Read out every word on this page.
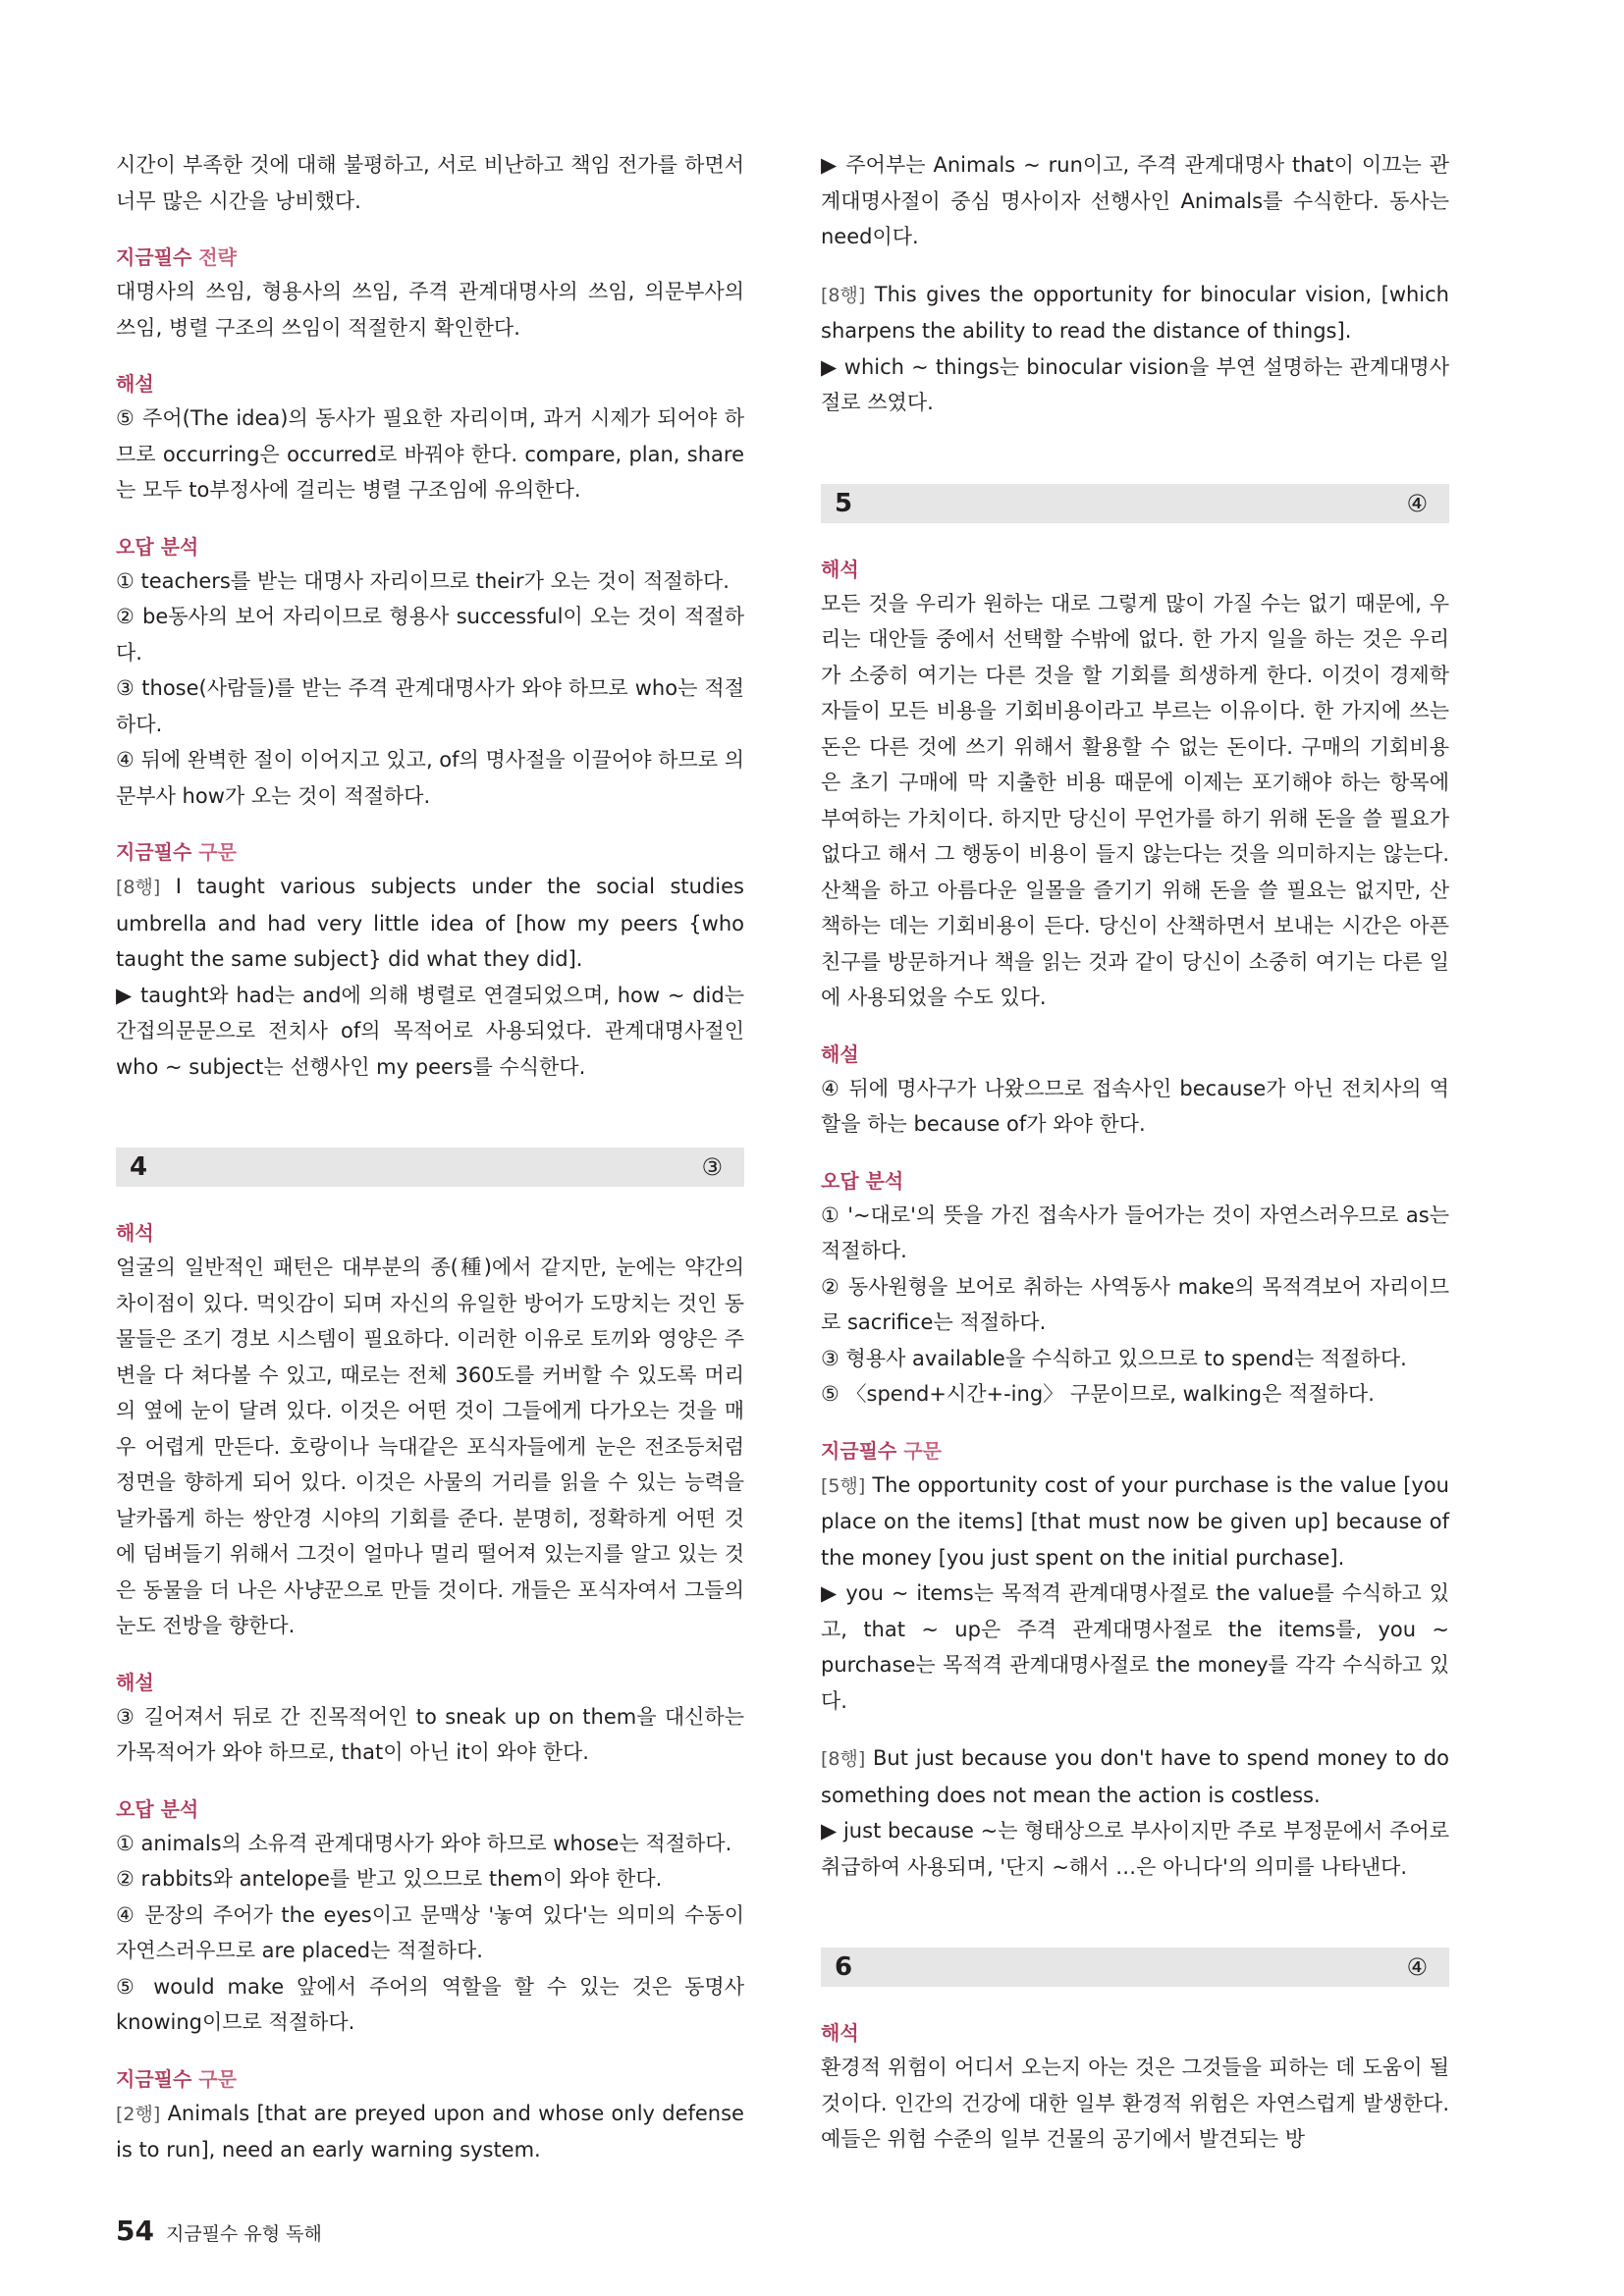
시간이 부족한 것에 대해 불평하고, 서로 비난하고 책임 전가를 하면서 너무 많은 시간을 낭비했다.

지금필수 전략

대명사의 쓰임, 형용사의 쓰임, 주격 관계대명사의 쓰임, 의문부사의 쓰임, 병렬 구조의 쓰임이 적절한지 확인한다.

해설

⑤ 주어(The idea)의 동사가 필요한 자리이며, 과거 시제가 되어야 하므로 occurring은 occurred로 바꿔야 한다. compare, plan, share는 모두 to부정사에 걸리는 병렬 구조임에 유의한다.

오답 분석

① teachers를 받는 대명사 자리이므로 their가 오는 것이 적절하다.

② be동사의 보어 자리이므로 형용사 successful이 오는 것이 적절하다.

③ those(사람들)를 받는 주격 관계대명사가 와야 하므로 who는 적절하다.

④ 뒤에 완벽한 절이 이어지고 있고, of의 명사절을 이끌어야 하므로 의문부사 how가 오는 것이 적절하다.

지금필수 구문

[8행] I taught various subjects under the social studies umbrella and had very little idea of [how my peers {who taught the same subject} did what they did].

▶ taught와 had는 and에 의해 병렬로 연결되었으며, how ~ did는 간접의문문으로 전치사 of의 목적어로 사용되었다. 관계대명사절인 who ~ subject는 선행사인 my peers를 수식한다.

4	③
해석

얼굴의 일반적인 패턴은 대부분의 종(種)에서 같지만, 눈에는 약간의 차이점이 있다. 먹잇감이 되며 자신의 유일한 방어가 도망치는 것인 동물들은 조기 경보 시스템이 필요하다. 이러한 이유로 토끼와 영양은 주변을 다 쳐다볼 수 있고, 때로는 전체 360도를 커버할 수 있도록 머리의 옆에 눈이 달려 있다. 이것은 어떤 것이 그들에게 다가오는 것을 매우 어렵게 만든다. 호랑이나 늑대같은 포식자들에게 눈은 전조등처럼 정면을 향하게 되어 있다. 이것은 사물의 거리를 읽을 수 있는 능력을 날카롭게 하는 쌍안경 시야의 기회를 준다. 분명히, 정확하게 어떤 것에 덤벼들기 위해서 그것이 얼마나 멀리 떨어져 있는지를 알고 있는 것은 동물을 더 나은 사냥꾼으로 만들 것이다. 개들은 포식자여서 그들의 눈도 전방을 향한다.

해설

③ 길어져서 뒤로 간 진목적어인 to sneak up on them을 대신하는 가목적어가 와야 하므로, that이 아닌 it이 와야 한다.

오답 분석

① animals의 소유격 관계대명사가 와야 하므로 whose는 적절하다.

② rabbits와 antelope를 받고 있으므로 them이 와야 한다.

④ 문장의 주어가 the eyes이고 문맥상 '놓여 있다'는 의미의 수동이 자연스러우므로 are placed는 적절하다.

⑤ would make 앞에서 주어의 역할을 할 수 있는 것은 동명사 knowing이므로 적절하다.

지금필수 구문

[2행] Animals [that are preyed upon and whose only defense is to run], need an early warning system.

▶ 주어부는 Animals ~ run이고, 주격 관계대명사 that이 이끄는 관계대명사절이 중심 명사이자 선행사인 Animals를 수식한다. 동사는 need이다.

[8행] This gives the opportunity for binocular vision, [which sharpens the ability to read the distance of things].

▶ which ~ things는 binocular vision을 부연 설명하는 관계대명사절로 쓰였다.

5	④
해석

모든 것을 우리가 원하는 대로 그렇게 많이 가질 수는 없기 때문에, 우리는 대안들 중에서 선택할 수밖에 없다. 한 가지 일을 하는 것은 우리가 소중히 여기는 다른 것을 할 기회를 희생하게 한다. 이것이 경제학자들이 모든 비용을 기회비용이라고 부르는 이유이다. 한 가지에 쓰는 돈은 다른 것에 쓰기 위해서 활용할 수 없는 돈이다. 구매의 기회비용은 초기 구매에 막 지출한 비용 때문에 이제는 포기해야 하는 항목에 부여하는 가치이다. 하지만 당신이 무언가를 하기 위해 돈을 쓸 필요가 없다고 해서 그 행동이 비용이 들지 않는다는 것을 의미하지는 않는다. 산책을 하고 아름다운 일몰을 즐기기 위해 돈을 쓸 필요는 없지만, 산책하는 데는 기회비용이 든다. 당신이 산책하면서 보내는 시간은 아픈 친구를 방문하거나 책을 읽는 것과 같이 당신이 소중히 여기는 다른 일에 사용되었을 수도 있다.

해설

④ 뒤에 명사구가 나왔으므로 접속사인 because가 아닌 전치사의 역할을 하는 because of가 와야 한다.

오답 분석

① '~대로'의 뜻을 가진 접속사가 들어가는 것이 자연스러우므로 as는 적절하다.

② 동사원형을 보어로 취하는 사역동사 make의 목적격보어 자리이므로 sacrifice는 적절하다.

③ 형용사 available을 수식하고 있으므로 to spend는 적절하다.

⑤ 〈spend+시간+-ing〉 구문이므로, walking은 적절하다.

지금필수 구문

[5행] The opportunity cost of your purchase is the value [you place on the items] [that must now be given up] because of the money [you just spent on the initial purchase].

▶ you ~ items는 목적격 관계대명사절로 the value를 수식하고 있고, that ~ up은 주격 관계대명사절로 the items를, you ~ purchase는 목적격 관계대명사절로 the money를 각각 수식하고 있다.

[8행] But just because you don't have to spend money to do something does not mean the action is costless.

▶ just because ~는 형태상으로 부사이지만 주로 부정문에서 주어로 취급하여 사용되며, '단지 ~해서 …은 아니다'의 의미를 나타낸다.

6	④
해석

환경적 위험이 어디서 오는지 아는 것은 그것들을 피하는 데 도움이 될 것이다. 인간의 건강에 대한 일부 환경적 위험은 자연스럽게 발생한다. 예들은 위험 수준의 일부 건물의 공기에서 발견되는 방

54 지금필수 유형 독해
